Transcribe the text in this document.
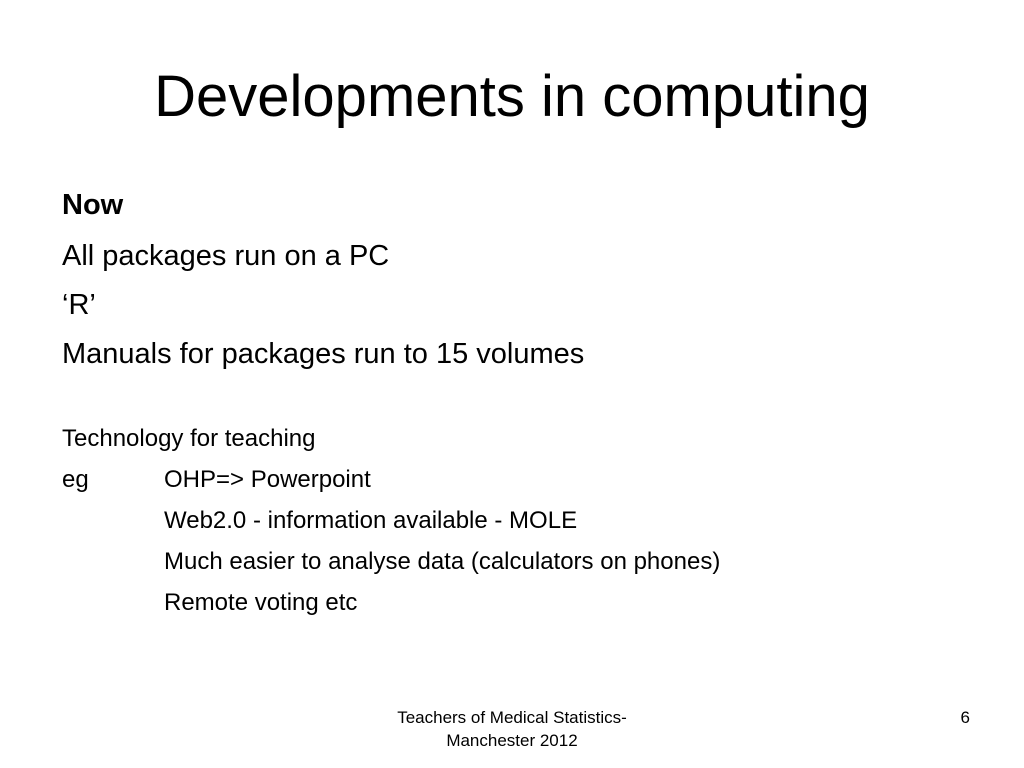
Developments in computing
Now
All packages run on a PC
‘R’
Manuals for packages run to 15 volumes
Technology for teaching
eg	OHP=> Powerpoint
Web2.0 - information available - MOLE
Much easier to analyse data (calculators on phones)
Remote voting etc
Teachers of Medical Statistics-
Manchester 2012
6
